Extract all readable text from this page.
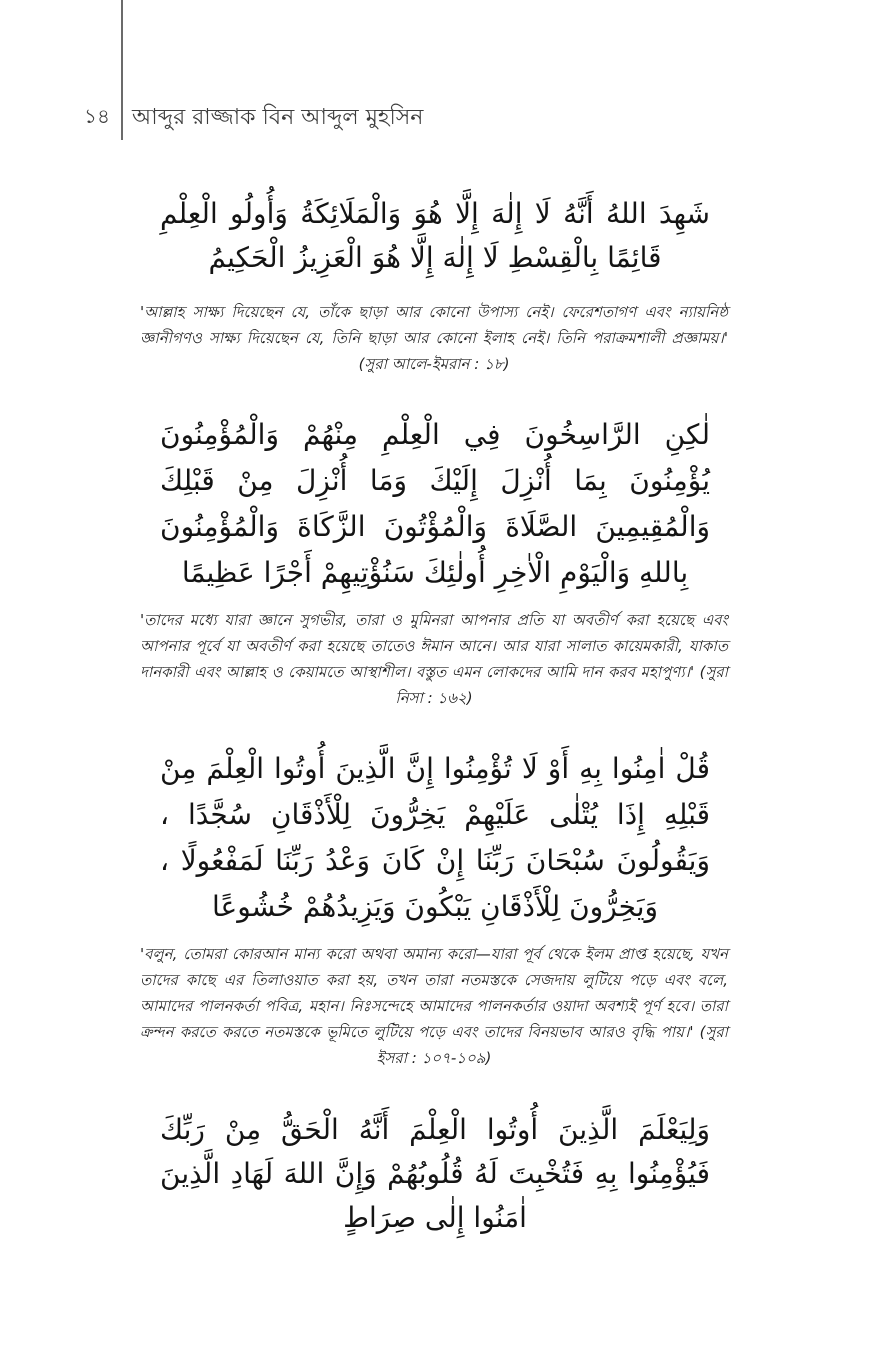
১৪	আব্দুর রাজ্জাক বিন আব্দুল মুহসিন

شَهِدَ اللهُ أَنَّهُ لَا إِلٰهَ إِلَّا هُوَ وَالْمَلَائِكَةُ وَأُولُو الْعِلْمِ قَائِمًا بِالْقِسْطِ لَا إِلٰهَ إِلَّا هُوَ الْعَزِيزُ الْحَكِيمُ

'আল্লাহ সাক্ষ্য দিয়েছেন যে, তাঁকে ছাড়া আর কোনো উপাস্য নেই। ফেরেশতাগণ এবং ন্যায়নিষ্ঠ জ্ঞানীগণও সাক্ষ্য দিয়েছেন যে, তিনি ছাড়া আর কোনো ইলাহ নেই। তিনি পরাক্রমশালী প্রজ্ঞাময়।' (সুরা আলে-ইমরান : ১৮)

لٰكِنِ الرَّاسِخُونَ فِي الْعِلْمِ مِنْهُمْ وَالْمُؤْمِنُونَ يُؤْمِنُونَ بِمَا أُنْزِلَ إِلَيْكَ وَمَا أُنْزِلَ مِنْ قَبْلِكَ وَالْمُقِيمِينَ الصَّلَاةَ وَالْمُؤْتُونَ الزَّكَاةَ وَالْمُؤْمِنُونَ بِاللهِ وَالْيَوْمِ الْاٰخِرِ أُولٰئِكَ سَنُؤْتِيهِمْ أَجْرًا عَظِيمًا

'তাদের মধ্যে যারা জ্ঞানে সুগভীর, তারা ও মুমিনরা আপনার প্রতি যা অবতীর্ণ করা হয়েছে এবং আপনার পূর্বে যা অবতীর্ণ করা হয়েছে তাতেও ঈমান আনে। আর যারা সালাত কায়েমকারী, যাকাত দানকারী এবং আল্লাহ ও কেয়ামতে আস্থাশীল। বস্তুত এমন লোকদের আমি দান করব মহাপুণ্য।' (সুরা নিসা : ১৬২)

قُلْ اٰمِنُوا بِهِ أَوْ لَا تُؤْمِنُوا إِنَّ الَّذِينَ أُوتُوا الْعِلْمَ مِنْ قَبْلِهِ إِذَا يُتْلٰى عَلَيْهِمْ يَخِرُّونَ لِلْأَذْقَانِ سُجَّدًا ، وَيَقُولُونَ سُبْحَانَ رَبِّنَا إِنْ كَانَ وَعْدُ رَبِّنَا لَمَفْعُولًا ، وَيَخِرُّونَ لِلْأَذْقَانِ يَبْكُونَ وَيَزِيدُهُمْ خُشُوعًا

'বলুন, তোমরা কোরআন মান্য করো অথবা অমান্য করো—যারা পূর্ব থেকে ইলম প্রাপ্ত হয়েছে, যখন তাদের কাছে এর তিলাওয়াত করা হয়, তখন তারা নতমস্তকে সেজদায় লুটিয়ে পড়ে এবং বলে, আমাদের পালনকর্তা পবিত্র, মহান। নিঃসন্দেহে আমাদের পালনকর্তার ওয়াদা অবশ্যই পূর্ণ হবে। তারা ক্রন্দন করতে করতে নতমস্তকে ভূমিতে লুটিয়ে পড়ে এবং তাদের বিনয়ভাব আরও বৃদ্ধি পায়।' (সুরা ইসরা : ১০৭-১০৯)

وَلِيَعْلَمَ الَّذِينَ أُوتُوا الْعِلْمَ أَنَّهُ الْحَقُّ مِنْ رَبِّكَ فَيُؤْمِنُوا بِهِ فَتُخْبِتَ لَهُ قُلُوبُهُمْ وَإِنَّ اللهَ لَهَادِ الَّذِينَ اٰمَنُوا إِلٰى صِرَاطٍ
